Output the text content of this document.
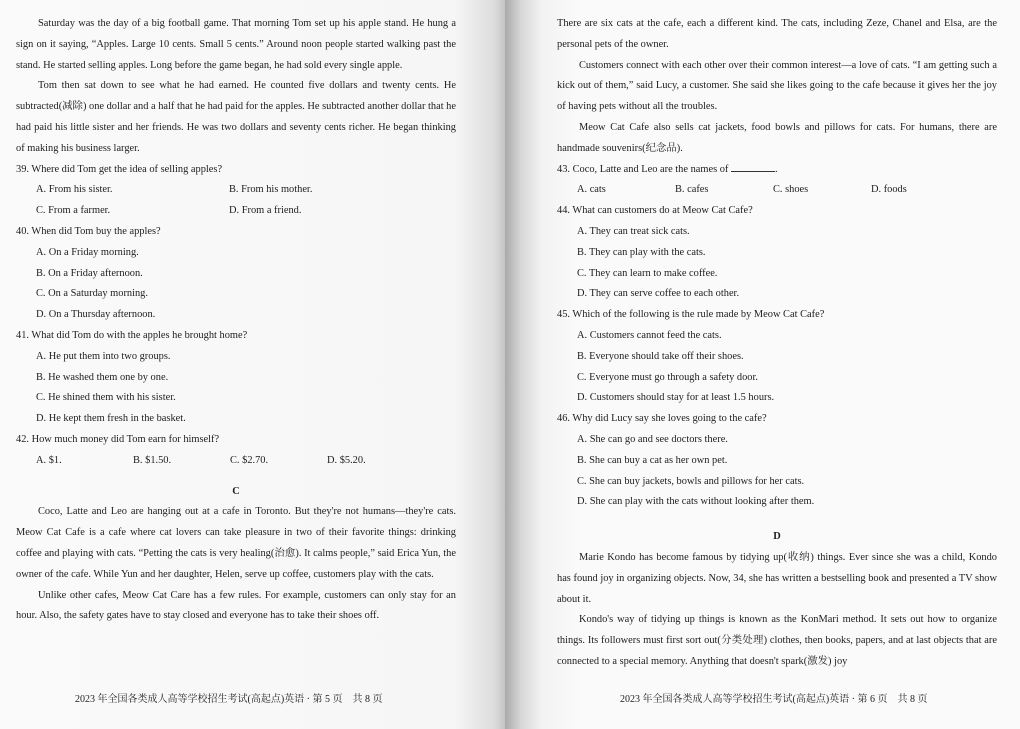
Saturday was the day of a big football game. That morning Tom set up his apple stand. He hung a sign on it saying, “Apples. Large 10 cents. Small 5 cents.” Around noon people started walking past the stand. He started selling apples. Long before the game began, he had sold every single apple.

Tom then sat down to see what he had earned. He counted five dollars and twenty cents. He subtracted(减除) one dollar and a half that he had paid for the apples. He subtracted another dollar that he had paid his little sister and her friends. He was two dollars and seventy cents richer. He began thinking of making his business larger.

39. Where did Tom get the idea of selling apples?

A. From his sister.	B. From his mother.
C. From a farmer.	D. From a friend.

40. When did Tom buy the apples?

A. On a Friday morning.
B. On a Friday afternoon.
C. On a Saturday morning.
D. On a Thursday afternoon.

41. What did Tom do with the apples he brought home?

A. He put them into two groups.
B. He washed them one by one.
C. He shined them with his sister.
D. He kept them fresh in the basket.

42. How much money did Tom earn for himself?

A. $1.	B. $1.50.	C. $2.70.	D. $5.20.
C

Coco, Latte and Leo are hanging out at a cafe in Toronto. But they're not humans—they're cats. Meow Cat Cafe is a cafe where cat lovers can take pleasure in two of their favorite things: drinking coffee and playing with cats. “Petting the cats is very healing(治愈). It calms people,” said Erica Yun, the owner of the cafe. While Yun and her daughter, Helen, serve up coffee, customers play with the cats.

Unlike other cafes, Meow Cat Care has a few rules. For example, customers can only stay for an hour. Also, the safety gates have to stay closed and everyone has to take their shoes off.

2023 年全国各类成人高等学校招生考试(高起点)英语 · 第 5 页　共 8 页

There are six cats at the cafe, each a different kind. The cats, including Zeze, Chanel and Elsa, are the personal pets of the owner.

Customers connect with each other over their common interest—a love of cats. “I am getting such a kick out of them,” said Lucy, a customer. She said she likes going to the cafe because it gives her the joy of having pets without all the troubles.

Meow Cat Cafe also sells cat jackets, food bowls and pillows for cats. For humans, there are handmade souvenirs(纪念品).

43. Coco, Latte and Leo are the names of	.

A. cats	B. cafes	C. shoes	D. foods

44. What can customers do at Meow Cat Cafe?

A. They can treat sick cats.
B. They can play with the cats.
C. They can learn to make coffee.
D. They can serve coffee to each other.

45. Which of the following is the rule made by Meow Cat Cafe?

A. Customers cannot feed the cats.
B. Everyone should take off their shoes.
C. Everyone must go through a safety door.
D. Customers should stay for at least 1.5 hours.

46. Why did Lucy say she loves going to the cafe?

A. She can go and see doctors there.
B. She can buy a cat as her own pet.
C. She can buy jackets, bowls and pillows for her cats.
D. She can play with the cats without looking after them.
D

Marie Kondo has become famous by tidying up(收纳) things. Ever since she was a child, Kondo has found joy in organizing objects. Now, 34, she has written a bestselling book and presented a TV show about it.

Kondo's way of tidying up things is known as the KonMari method. It sets out how to organize things. Its followers must first sort out(分类处理) clothes, then books, papers, and at last objects that are connected to a special memory. Anything that doesn't spark(激发) joy

2023 年全国各类成人高等学校招生考试(高起点)英语 · 第 6 页　共 8 页
